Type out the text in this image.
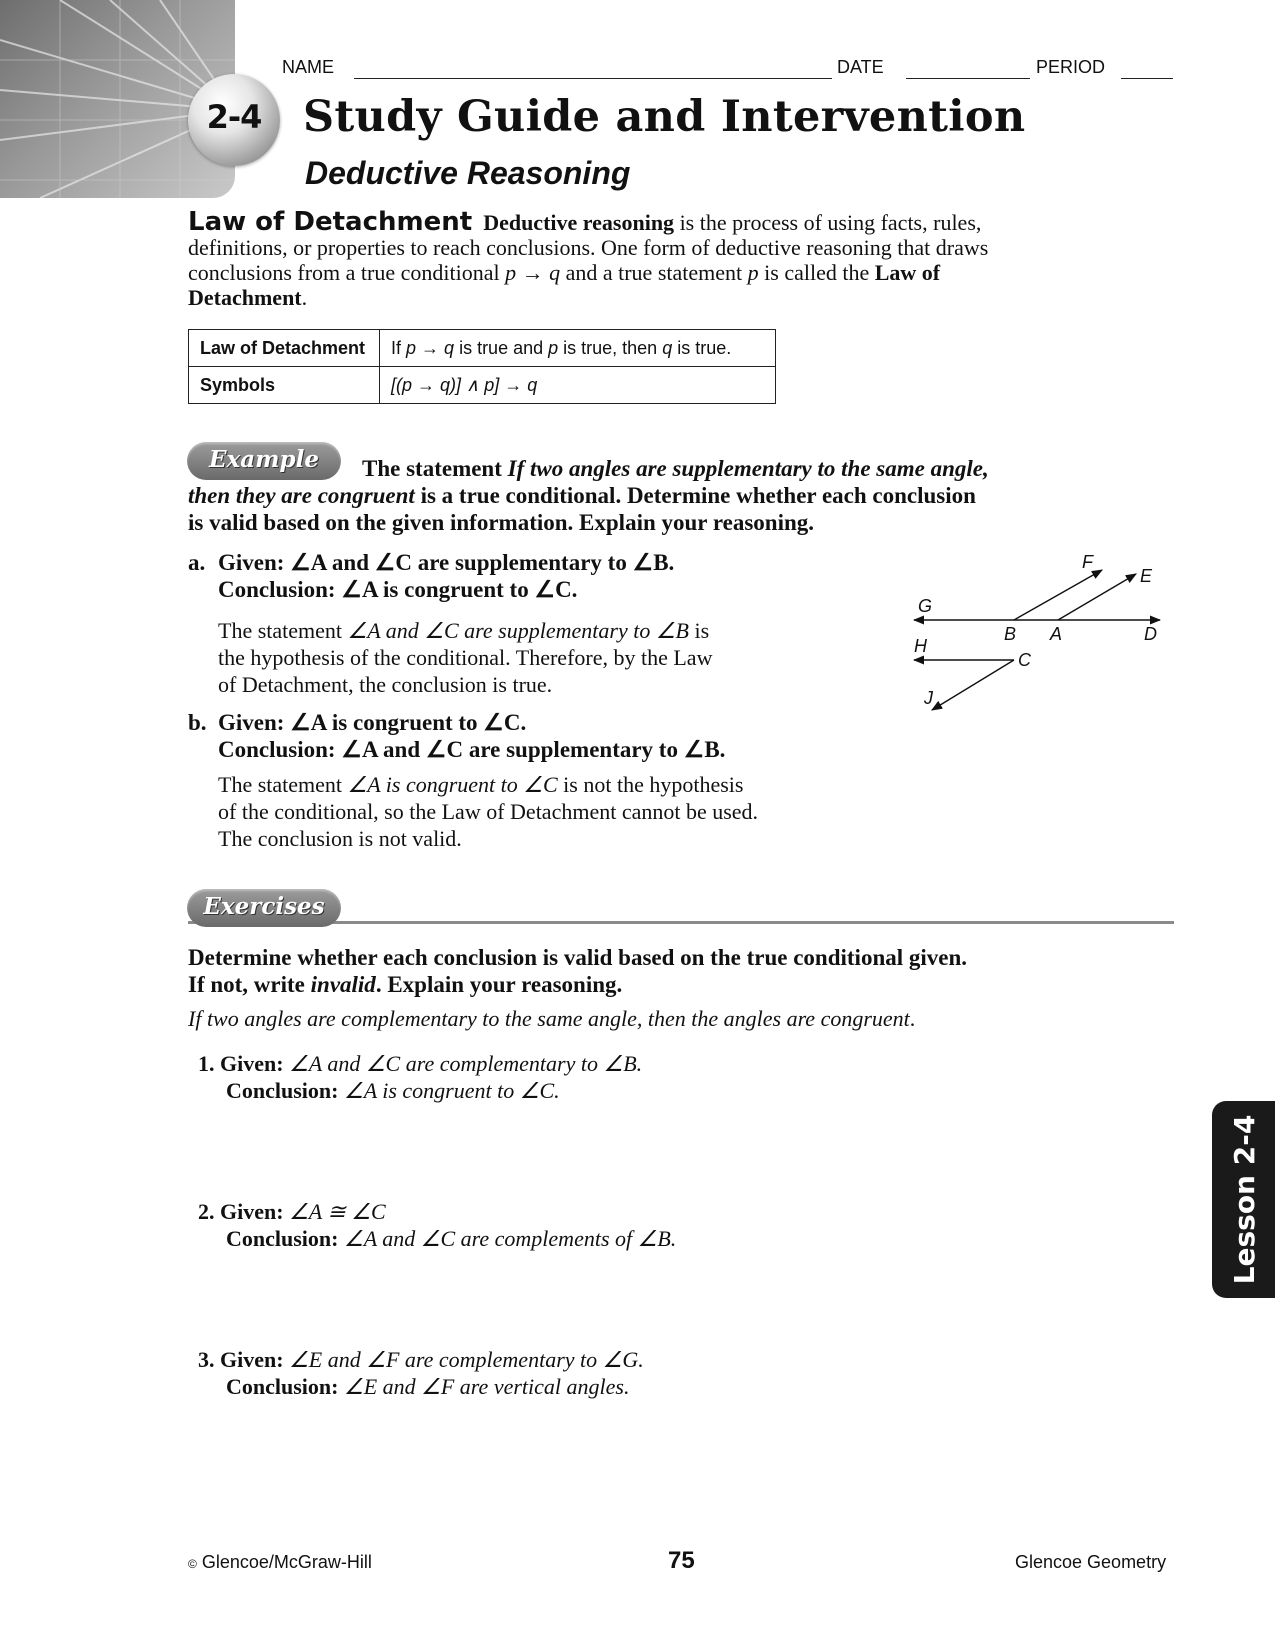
2-4
NAME	DATE	PERIOD
Study Guide and Intervention
Deductive Reasoning
Law of Detachment Deductive reasoning is the process of using facts, rules,
definitions, or properties to reach conclusions. One form of deductive reasoning that draws
conclusions from a true conditional p → q and a true statement p is called the Law of
Detachment.
Law of Detachment	If p → q is true and p is true, then q is true.
Symbols	[(p → q)] ∧ p] → q
Example	The statement If two angles are supplementary to the same angle,
then they are congruent is a true conditional. Determine whether each conclusion
is valid based on the given information. Explain your reasoning.
a. Given: ∠A and ∠C are supplementary to ∠B.
Conclusion: ∠A is congruent to ∠C.
The statement ∠A and ∠C are supplementary to ∠B is
the hypothesis of the conditional. Therefore, by the Law
of Detachment, the conclusion is true.
b. Given: ∠A is congruent to ∠C.
Conclusion: ∠A and ∠C are supplementary to ∠B.
The statement ∠A is congruent to ∠C is not the hypothesis
of the conditional, so the Law of Detachment cannot be used.
The conclusion is not valid.
F
E
G
B A	D
H
C
J
Exercises
Determine whether each conclusion is valid based on the true conditional given.
If not, write invalid. Explain your reasoning.
If two angles are complementary to the same angle, then the angles are congruent.
1. Given: ∠A and ∠C are complementary to ∠B.
Conclusion: ∠A is congruent to ∠C.
2. Given: ∠A ≅ ∠C
Conclusion: ∠A and ∠C are complements of ∠B.
3. Given: ∠E and ∠F are complementary to ∠G.
Conclusion: ∠E and ∠F are vertical angles.
Lesson 2-4
© Glencoe/McGraw-Hill	75	Glencoe Geometry
